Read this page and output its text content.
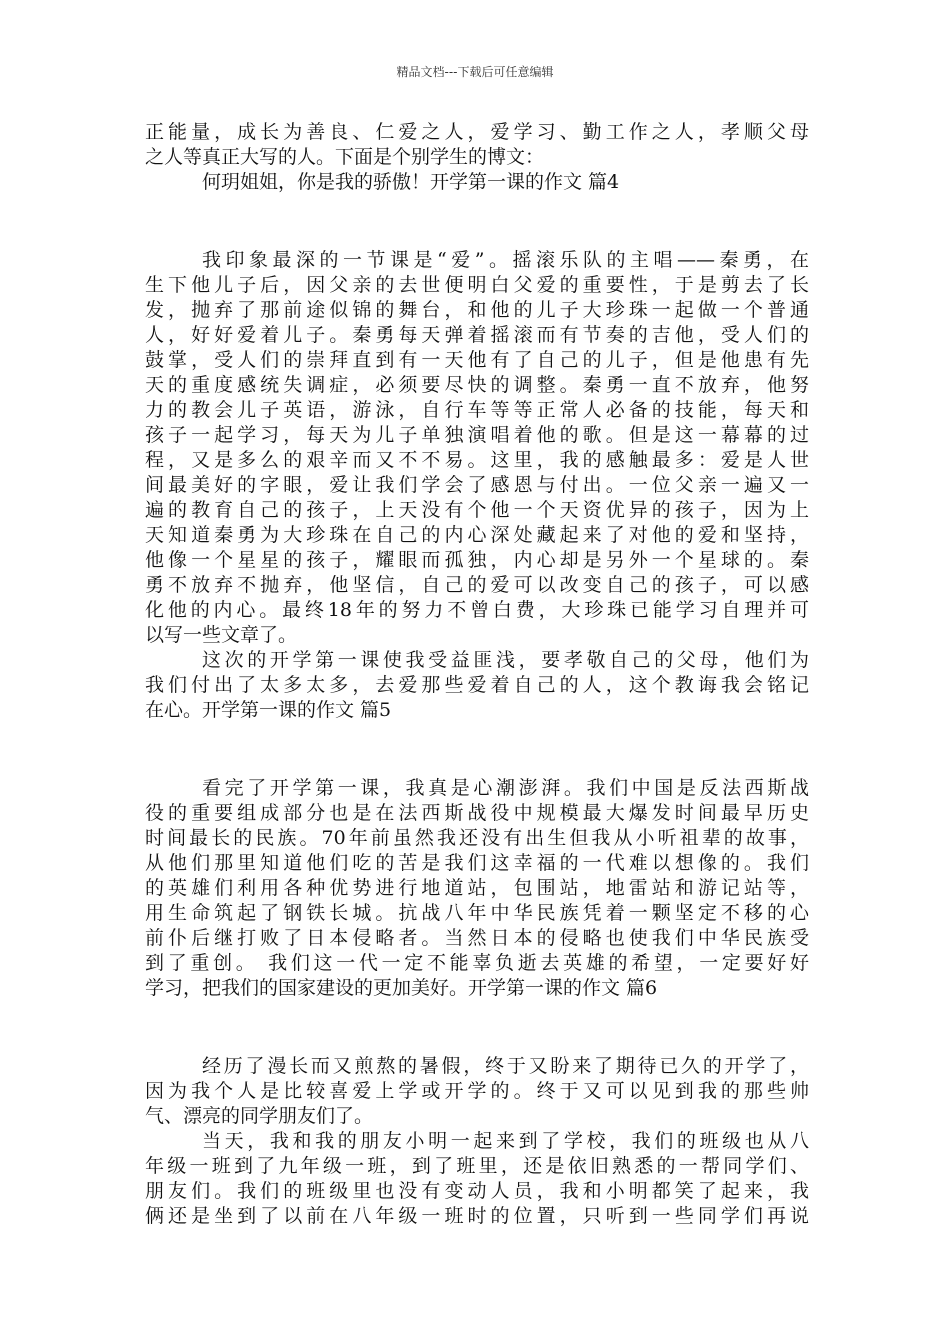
精品文档---下载后可任意编辑
正能量，成长为善良、仁爱之人，爱学习、勤工作之人，孝顺父母
之人等真正大写的人。下面是个别学生的博文：
何玥姐姐，你是我的骄傲！开学第一课的作文 篇4
我印象最深的一节课是“爱”。摇滚乐队的主唱——秦勇，在
生下他儿子后，因父亲的去世便明白父爱的重要性，于是剪去了长
发，抛弃了那前途似锦的舞台，和他的儿子大珍珠一起做一个普通
人，好好爱着儿子。秦勇每天弹着摇滚而有节奏的吉他，受人们的
鼓掌，受人们的崇拜直到有一天他有了自己的儿子，但是他患有先
天的重度感统失调症，必须要尽快的调整。秦勇一直不放弃，他努
力的教会儿子英语，游泳，自行车等等正常人必备的技能，每天和
孩子一起学习，每天为儿子单独演唱着他的歌。但是这一幕幕的过
程，又是多么的艰辛而又不不易。这里，我的感触最多：爱是人世
间最美好的字眼，爱让我们学会了感恩与付出。一位父亲一遍又一
遍的教育自己的孩子，上天没有个他一个天资优异的孩子，因为上
天知道秦勇为大珍珠在自己的内心深处藏起来了对他的爱和坚持，
他像一个星星的孩子，耀眼而孤独，内心却是另外一个星球的。秦
勇不放弃不抛弃，他坚信，自己的爱可以改变自己的孩子，可以感
化他的内心。最终18年的努力不曾白费，大珍珠已能学习自理并可
以写一些文章了。
这次的开学第一课使我受益匪浅，要孝敬自己的父母，他们为
我们付出了太多太多，去爱那些爱着自己的人，这个教诲我会铭记
在心。开学第一课的作文 篇5
看完了开学第一课，我真是心潮澎湃。我们中国是反法西斯战
役的重要组成部分也是在法西斯战役中规模最大爆发时间最早历史
时间最长的民族。70年前虽然我还没有出生但我从小听祖辈的故事，
从他们那里知道他们吃的苦是我们这幸福的一代难以想像的。我们
的英雄们利用各种优势进行地道站，包围站，地雷站和游记站等，
用生命筑起了钢铁长城。抗战八年中华民族凭着一颗坚定不移的心
前仆后继打败了日本侵略者。当然日本的侵略也使我们中华民族受
到了重创。 我们这一代一定不能辜负逝去英雄的希望，一定要好好
学习，把我们的国家建设的更加美好。开学第一课的作文 篇6
经历了漫长而又煎熬的暑假，终于又盼来了期待已久的开学了，
因为我个人是比较喜爱上学或开学的。终于又可以见到我的那些帅
气、漂亮的同学朋友们了。
当天，我和我的朋友小明一起来到了学校，我们的班级也从八
年级一班到了九年级一班，到了班里，还是依旧熟悉的一帮同学们、
朋友们。我们的班级里也没有变动人员，我和小明都笑了起来，我
俩还是坐到了以前在八年级一班时的位置，只听到一些同学们再说
